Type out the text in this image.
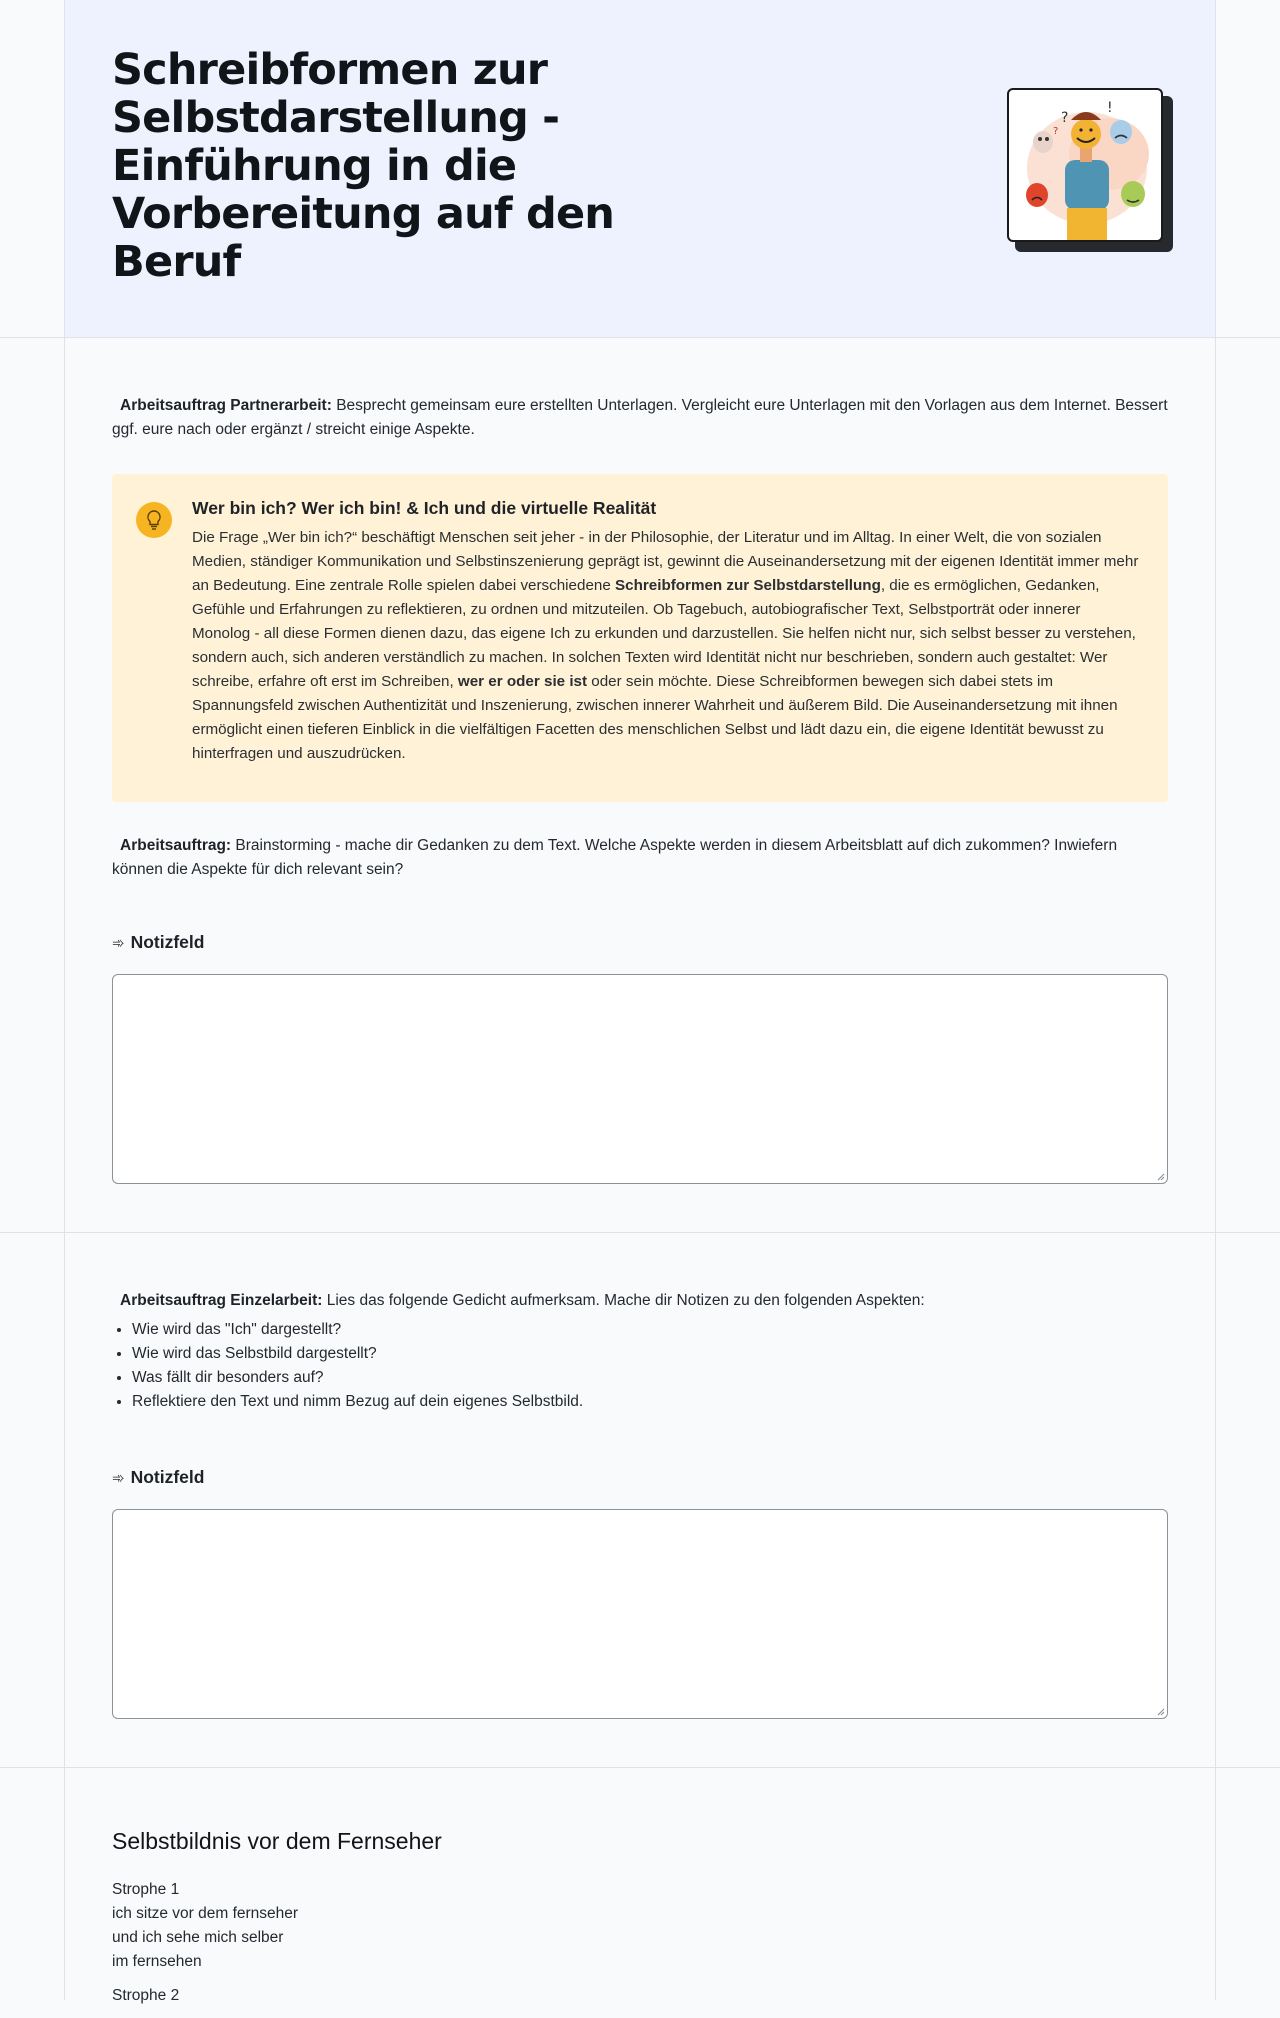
Schreibformen zur Selbstdarstellung - Einführung in die Vorbereitung auf den Beruf
?
!
?

Arbeitsauftrag Partnerarbeit: Besprecht gemeinsam eure erstellten Unterlagen. Vergleicht eure Unterlagen mit den Vorlagen aus dem Internet. Bessert ggf. eure nach oder ergänzt / streicht einige Aspekte.

Wer bin ich? Wer ich bin! & Ich und die virtuelle Realität

Die Frage „Wer bin ich?“ beschäftigt Menschen seit jeher - in der Philosophie, der Literatur und im Alltag. In einer Welt, die von sozialen Medien, ständiger Kommunikation und Selbstinszenierung geprägt ist, gewinnt die Auseinandersetzung mit der eigenen Identität immer mehr an Bedeutung. Eine zentrale Rolle spielen dabei verschiedene Schreibformen zur Selbstdarstellung, die es ermöglichen, Gedanken, Gefühle und Erfahrungen zu reflektieren, zu ordnen und mitzuteilen. Ob Tagebuch, autobiografischer Text, Selbstporträt oder innerer Monolog - all diese Formen dienen dazu, das eigene Ich zu erkunden und darzustellen. Sie helfen nicht nur, sich selbst besser zu verstehen, sondern auch, sich anderen verständlich zu machen. In solchen Texten wird Identität nicht nur beschrieben, sondern auch gestaltet: Wer schreibe, erfahre oft erst im Schreiben, wer er oder sie ist oder sein möchte. Diese Schreibformen bewegen sich dabei stets im Spannungsfeld zwischen Authentizität und Inszenierung, zwischen innerer Wahrheit und äußerem Bild. Die Auseinandersetzung mit ihnen ermöglicht einen tieferen Einblick in die vielfältigen Facetten des menschlichen Selbst und lädt dazu ein, die eigene Identität bewusst zu hinterfragen und auszudrücken.

Arbeitsauftrag: Brainstorming - mache dir Gedanken zu dem Text. Welche Aspekte werden in diesem Arbeitsblatt auf dich zukommen? Inwiefern können die Aspekte für dich relevant sein?

➾ Notizfeld

Arbeitsauftrag Einzelarbeit: Lies das folgende Gedicht aufmerksam. Mache dir Notizen zu den folgenden Aspekten:

• Wie wird das "Ich" dargestellt?
• Wie wird das Selbstbild dargestellt?
• Was fällt dir besonders auf?
• Reflektiere den Text und nimm Bezug auf dein eigenes Selbstbild.
➾ Notizfeld
Selbstbildnis vor dem Fernseher
Strophe 1
ich sitze vor dem fernseher
und ich sehe mich selber
im fernsehen
Strophe 2
